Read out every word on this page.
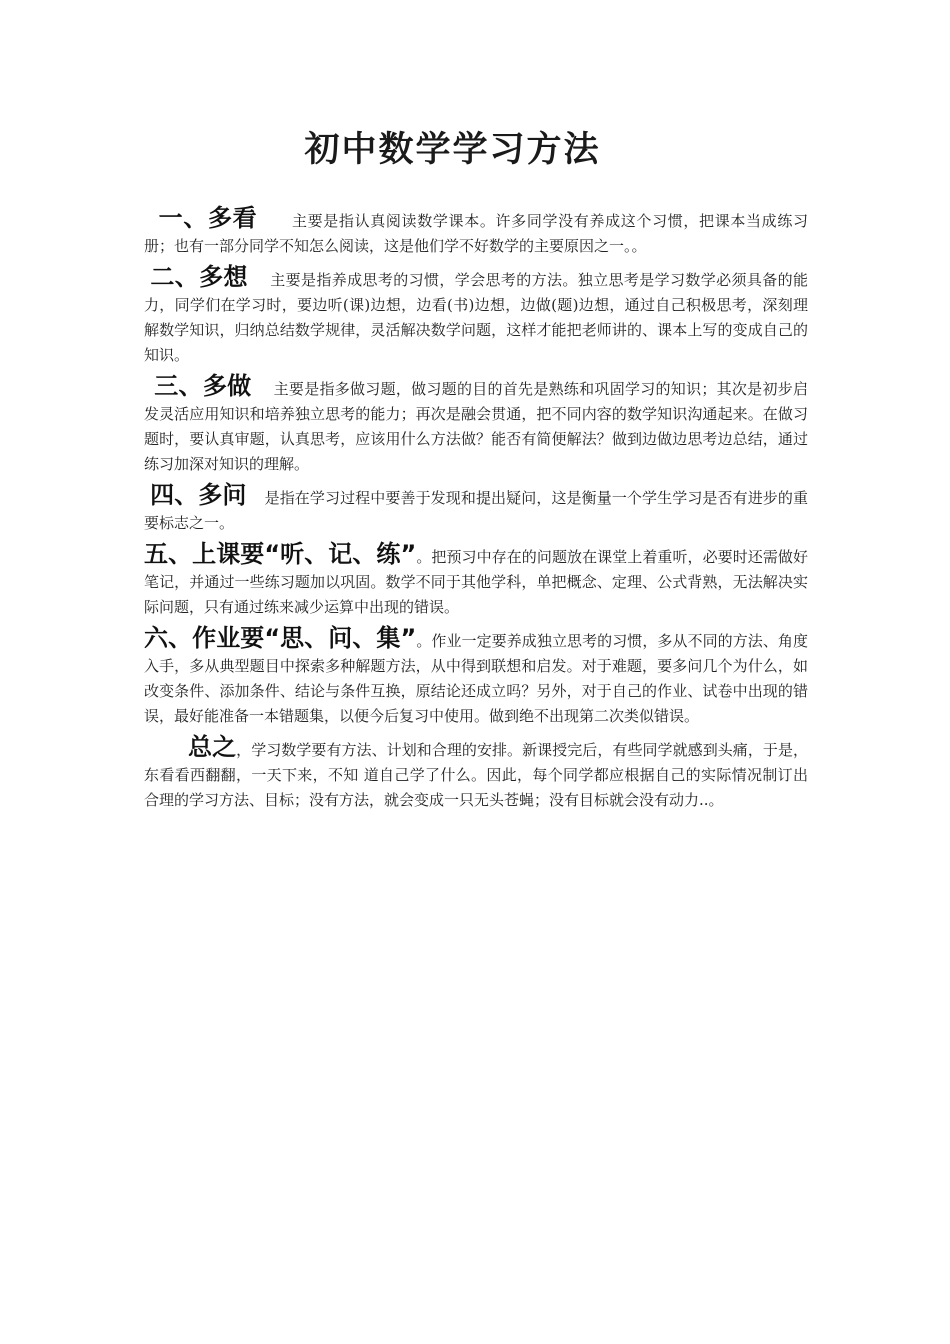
初中数学学习方法

一、多看 主要是指认真阅读数学课本。许多同学没有养成这个习惯，把课本当成练习册；也有一部分同学不知怎么阅读，这是他们学不好数学的主要原因之一。。

二、多想 主要是指养成思考的习惯，学会思考的方法。独立思考是学习数学必须具备的能力，同学们在学习时，要边听(课)边想，边看(书)边想，边做(题)边想，通过自己积极思考，深刻理解数学知识，归纳总结数学规律，灵活解决数学问题，这样才能把老师讲的、课本上写的变成自己的知识。

三、多做 主要是指多做习题，做习题的目的首先是熟练和巩固学习的知识；其次是初步启发灵活应用知识和培养独立思考的能力；再次是融会贯通，把不同内容的数学知识沟通起来。在做习题时，要认真审题，认真思考，应该用什么方法做？能否有简便解法？做到边做边思考边总结，通过练习加深对知识的理解。

四、多问 是指在学习过程中要善于发现和提出疑问，这是衡量一个学生学习是否有进步的重要标志之一。

五、上课要“听、记、练”。把预习中存在的问题放在课堂上着重听，必要时还需做好笔记，并通过一些练习题加以巩固。数学不同于其他学科，单把概念、定理、公式背熟，无法解决实际问题，只有通过练来减少运算中出现的错误。

六、作业要“思、问、集”。作业一定要养成独立思考的习惯，多从不同的方法、角度入手，多从典型题目中探索多种解题方法，从中得到联想和启发。对于难题，要多问几个为什么，如改变条件、添加条件、结论与条件互换，原结论还成立吗？另外，对于自己的作业、试卷中出现的错误，最好能准备一本错题集，以便今后复习中使用。做到绝不出现第二次类似错误。

总之，学习数学要有方法、计划和合理的安排。新课授完后，有些同学就感到头痛，于是，东看看西翻翻，一天下来，不知 道自己学了什么。因此，每个同学都应根据自己的实际情况制订出合理的学习方法、目标；没有方法，就会变成一只无头苍蝇；没有目标就会没有动力..。
